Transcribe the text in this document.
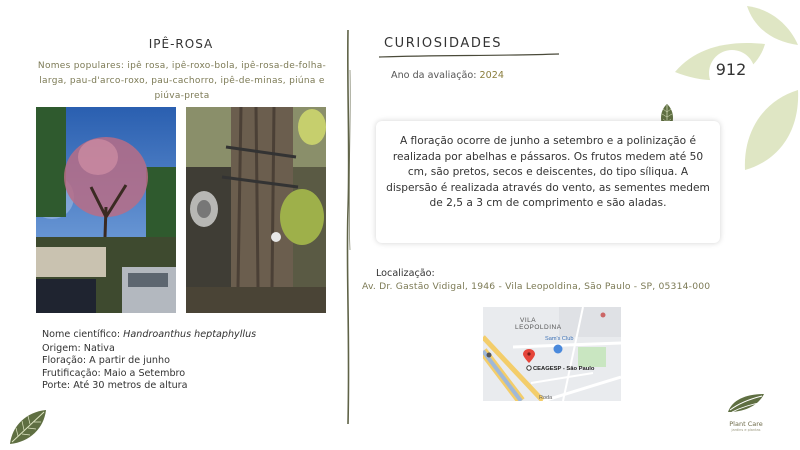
912
IPÊ-ROSA
Nomes populares: ipê rosa, ipê-roxo-bola, ipê-rosa-de-folha-larga, pau-d'arco-roxo, pau-cachorro, ipê-de-minas, piúna e piúva-preta
Nome científico: Handroanthus heptaphyllus
Origem: Nativa
Floração: A partir de junho
Frutificação: Maio a Setembro
Porte: Até 30 metros de altura
CURIOSIDADES
Ano da avaliação: 2024
A floração ocorre de junho a setembro e a polinização é realizada por abelhas e pássaros. Os frutos medem até 50 cm, são pretos, secos e deiscentes, do tipo síliqua. A dispersão é realizada através do vento, as sementes medem de 2,5 a 3 cm de comprimento e são aladas.
Localização:
Av. Dr. Gastão Vidigal, 1946 - Vila Leopoldina, São Paulo - SP, 05314-000
VILA
LEOPOLDINA
Sam's Club
CEAGESP - São Paulo
Roda
Plant Care
jardins e plantas
